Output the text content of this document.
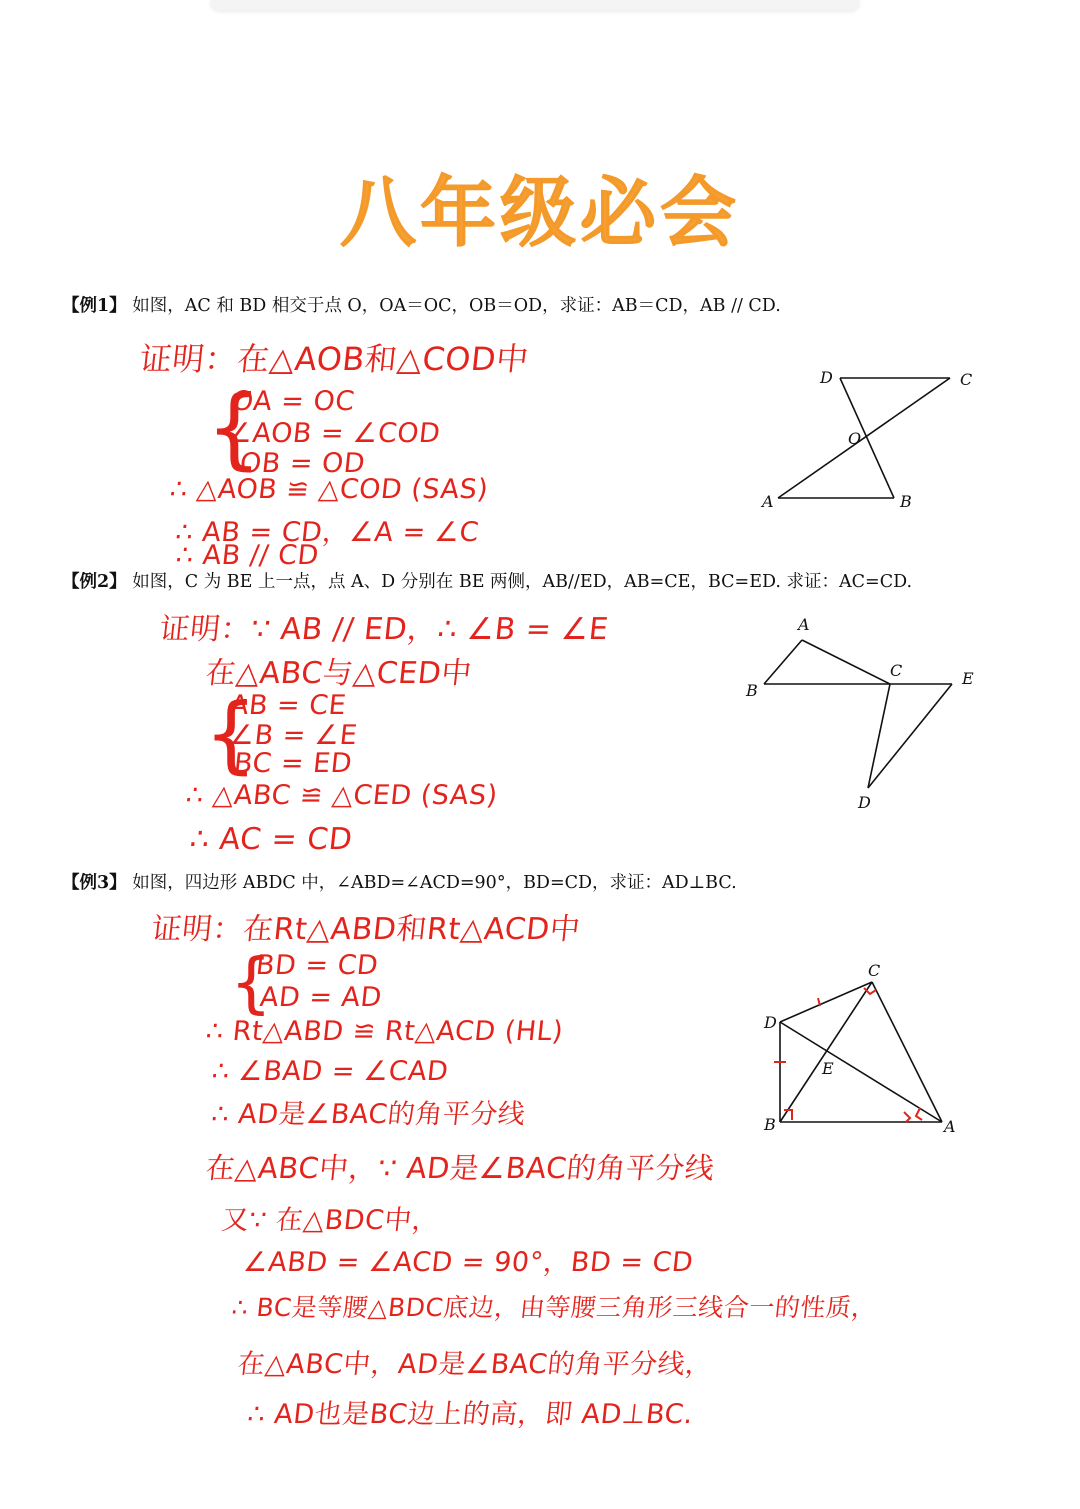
八年级必会
【例1】 如图，AC 和 BD 相交于点 O，OA＝OC，OB＝OD，求证：AB＝CD，AB // CD.
证明：在△AOB和△COD中
{
OA = OC
∠AOB = ∠COD
OB = OD
∴ △AOB ≌ △COD (SAS)
∴ AB = CD，∠A = ∠C
∴ AB // CD
D	C
O
A	B
【例2】 如图，C 为 BE 上一点，点 A、D 分别在 BE 两侧，AB//ED，AB=CE，BC=ED. 求证：AC=CD.
证明：∵ AB // ED，∴ ∠B = ∠E
在△ABC与△CED中
{
AB = CE
∠B = ∠E
BC = ED
∴ △ABC ≌ △CED (SAS)
∴ AC = CD
A
B
C	E
D
【例3】 如图，四边形 ABDC 中，∠ABD=∠ACD=90°，BD=CD，求证：AD⊥BC.
证明：在Rt△ABD和Rt△ACD中
{
BD = CD
AD = AD
∴ Rt△ABD ≌ Rt△ACD (HL)
∴ ∠BAD = ∠CAD
∴ AD是∠BAC的角平分线
在△ABC中，∵ AD是∠BAC的角平分线
又∵ 在△BDC中，
∠ABD = ∠ACD = 90°，BD = CD
∴ BC是等腰△BDC底边，由等腰三角形三线合一的性质，
在△ABC中，AD是∠BAC的角平分线，
∴ AD也是BC边上的高，即 AD⊥BC.
C
D
E
B	A
